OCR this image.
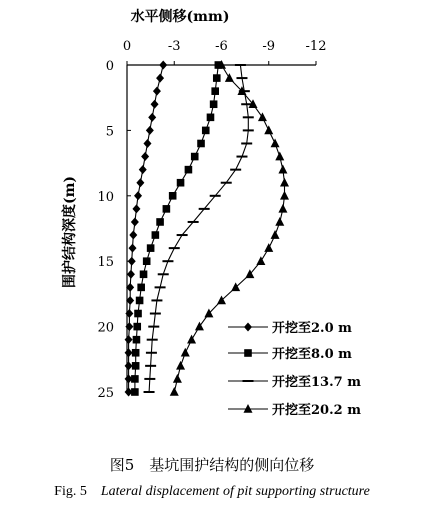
0	-3	-6	-9 -12
0
5
10
15
20
25
开挖至2.0 m
开挖至8.0 m
开挖至13.7 m
开挖至20.2 m
水平侧移(mm)
围护结构深度(m)
图5　基坑围护结构的侧向位移
Fig. 5 Lateral displacement of pit supporting structure
